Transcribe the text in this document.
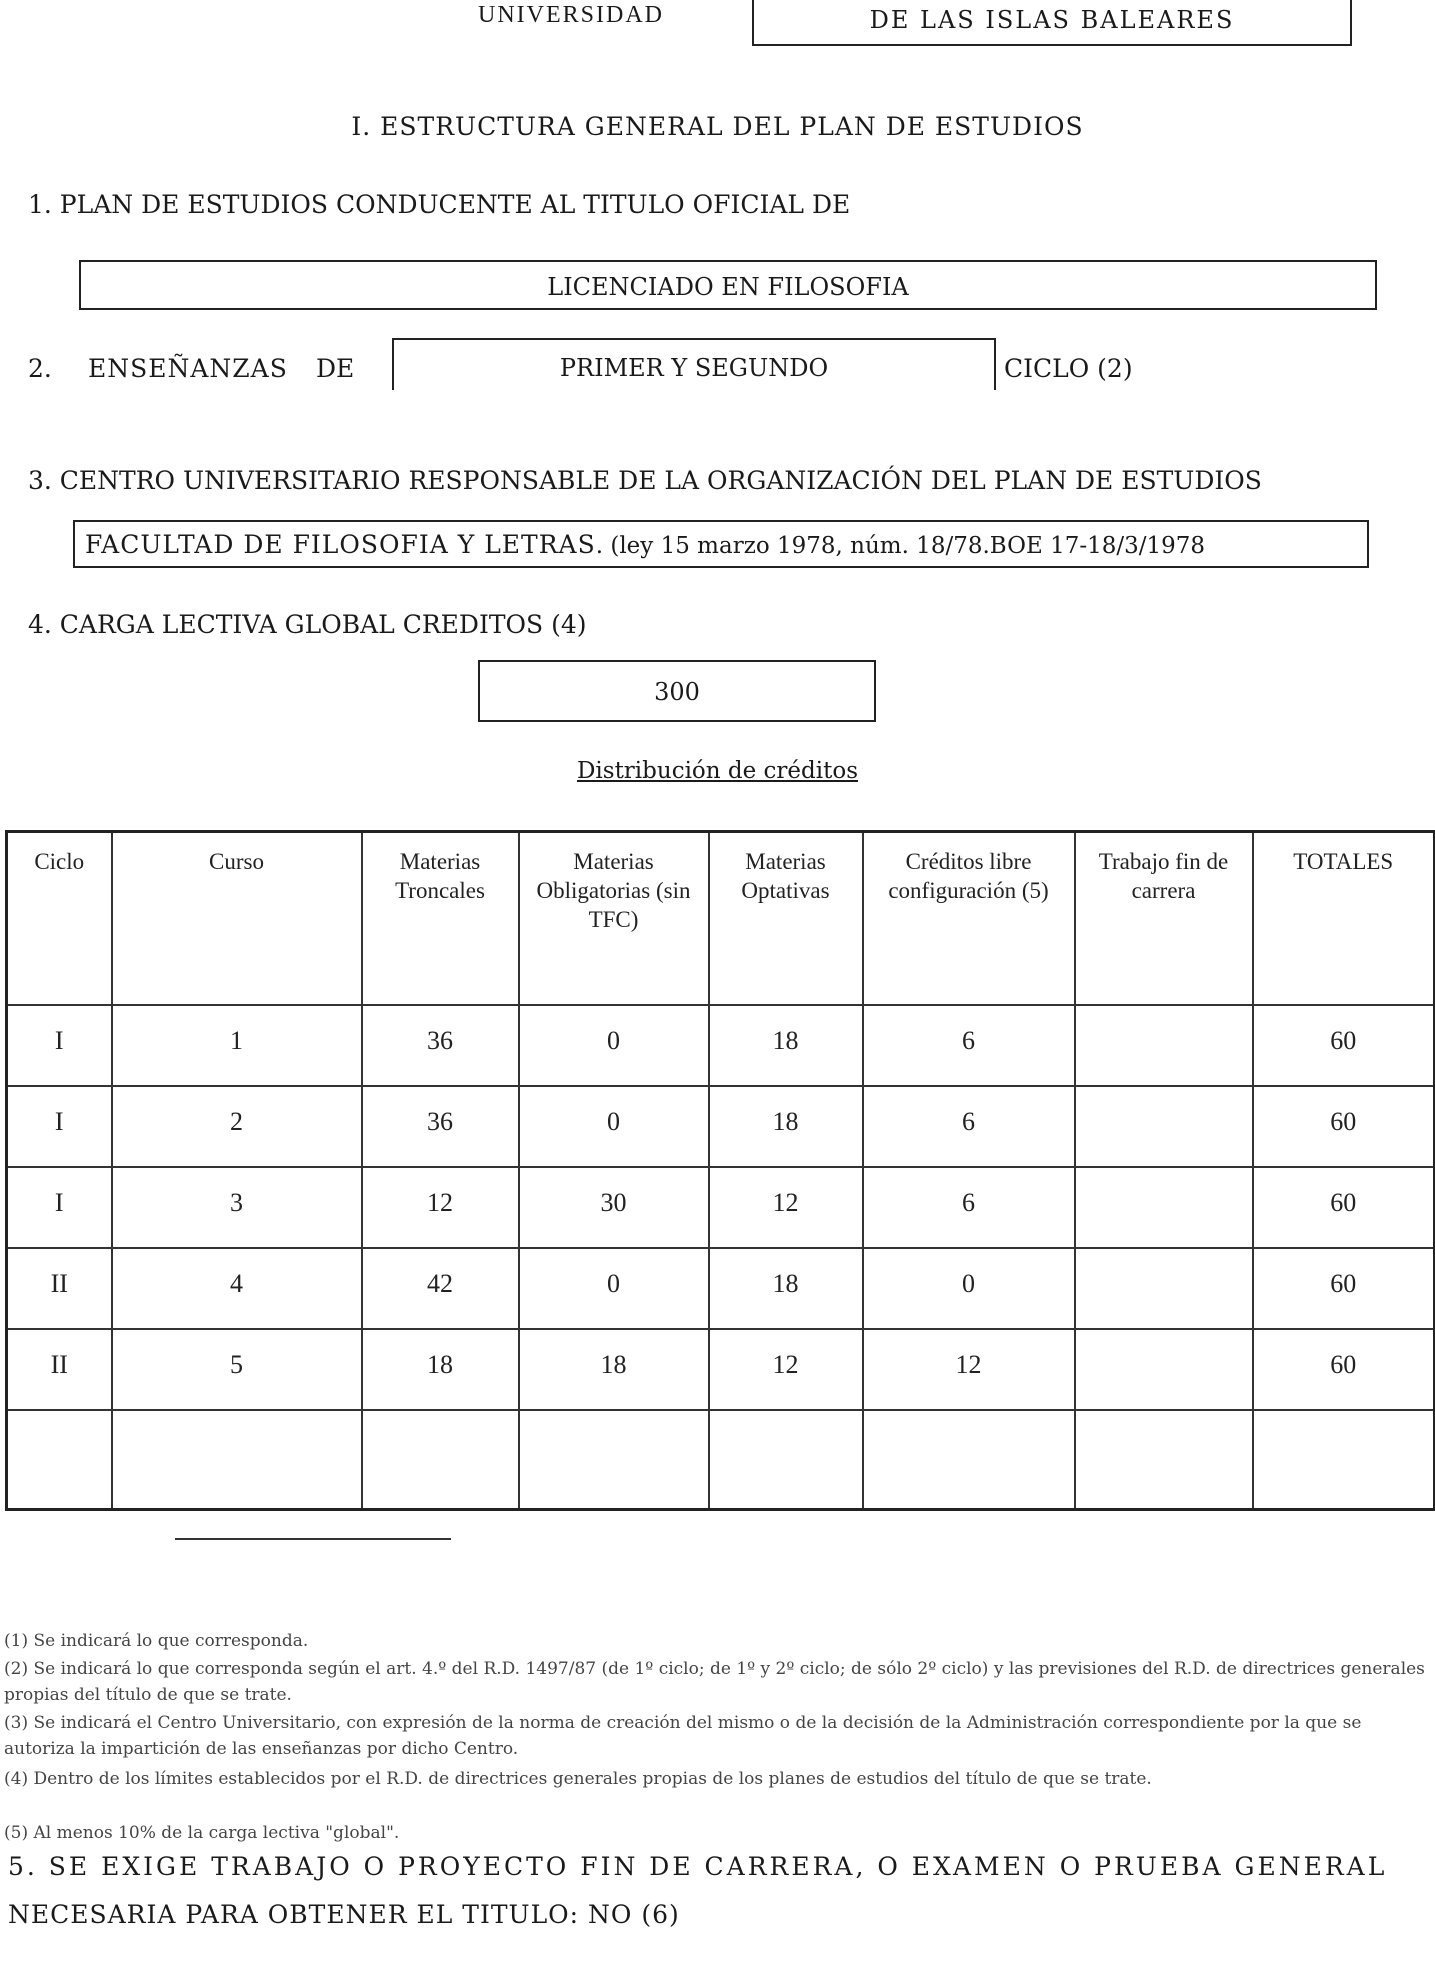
UNIVERSIDAD	DE LAS ISLAS BALEARES
I. ESTRUCTURA GENERAL DEL PLAN DE ESTUDIOS
1. PLAN DE ESTUDIOS CONDUCENTE AL TITULO OFICIAL DE
LICENCIADO EN FILOSOFIA
2. ENSEÑANZAS DE	PRIMER Y SEGUNDO	CICLO (2)
3. CENTRO UNIVERSITARIO RESPONSABLE DE LA ORGANIZACIÓN DEL PLAN DE ESTUDIOS
FACULTAD DE FILOSOFIA Y LETRAS. (ley 15 marzo 1978, núm. 18/78.BOE 17-18/3/1978
4. CARGA LECTIVA GLOBAL CREDITOS (4)
300
Distribución de créditos
Ciclo	Curso	Materias Troncales	Materias Obligatorias (sin TFC)	Materias Optativas	Créditos libre configuración (5)	Trabajo fin de carrera	TOTALES
I	1	36	0	18	6		60
I	2	36	0	18	6		60
I	3	12	30	12	6		60
II	4	42	0	18	0		60
II	5	18	18	12	12		60

(1) Se indicará lo que corresponda.
(2) Se indicará lo que corresponda según el art. 4.º del R.D. 1497/87 (de 1º ciclo; de 1º y 2º ciclo; de sólo 2º ciclo) y las previsiones del R.D. de directrices generales propias del título de que se trate.
(3) Se indicará el Centro Universitario, con expresión de la norma de creación del mismo o de la decisión de la Administración correspondiente por la que se autoriza la impartición de las enseñanzas por dicho Centro.
(4) Dentro de los límites establecidos por el R.D. de directrices generales propias de los planes de estudios del título de que se trate.
(5) Al menos 10% de la carga lectiva "global".
5. SE EXIGE TRABAJO O PROYECTO FIN DE CARRERA, O EXAMEN O PRUEBA GENERAL
NECESARIA PARA OBTENER EL TITULO: NO (6)
